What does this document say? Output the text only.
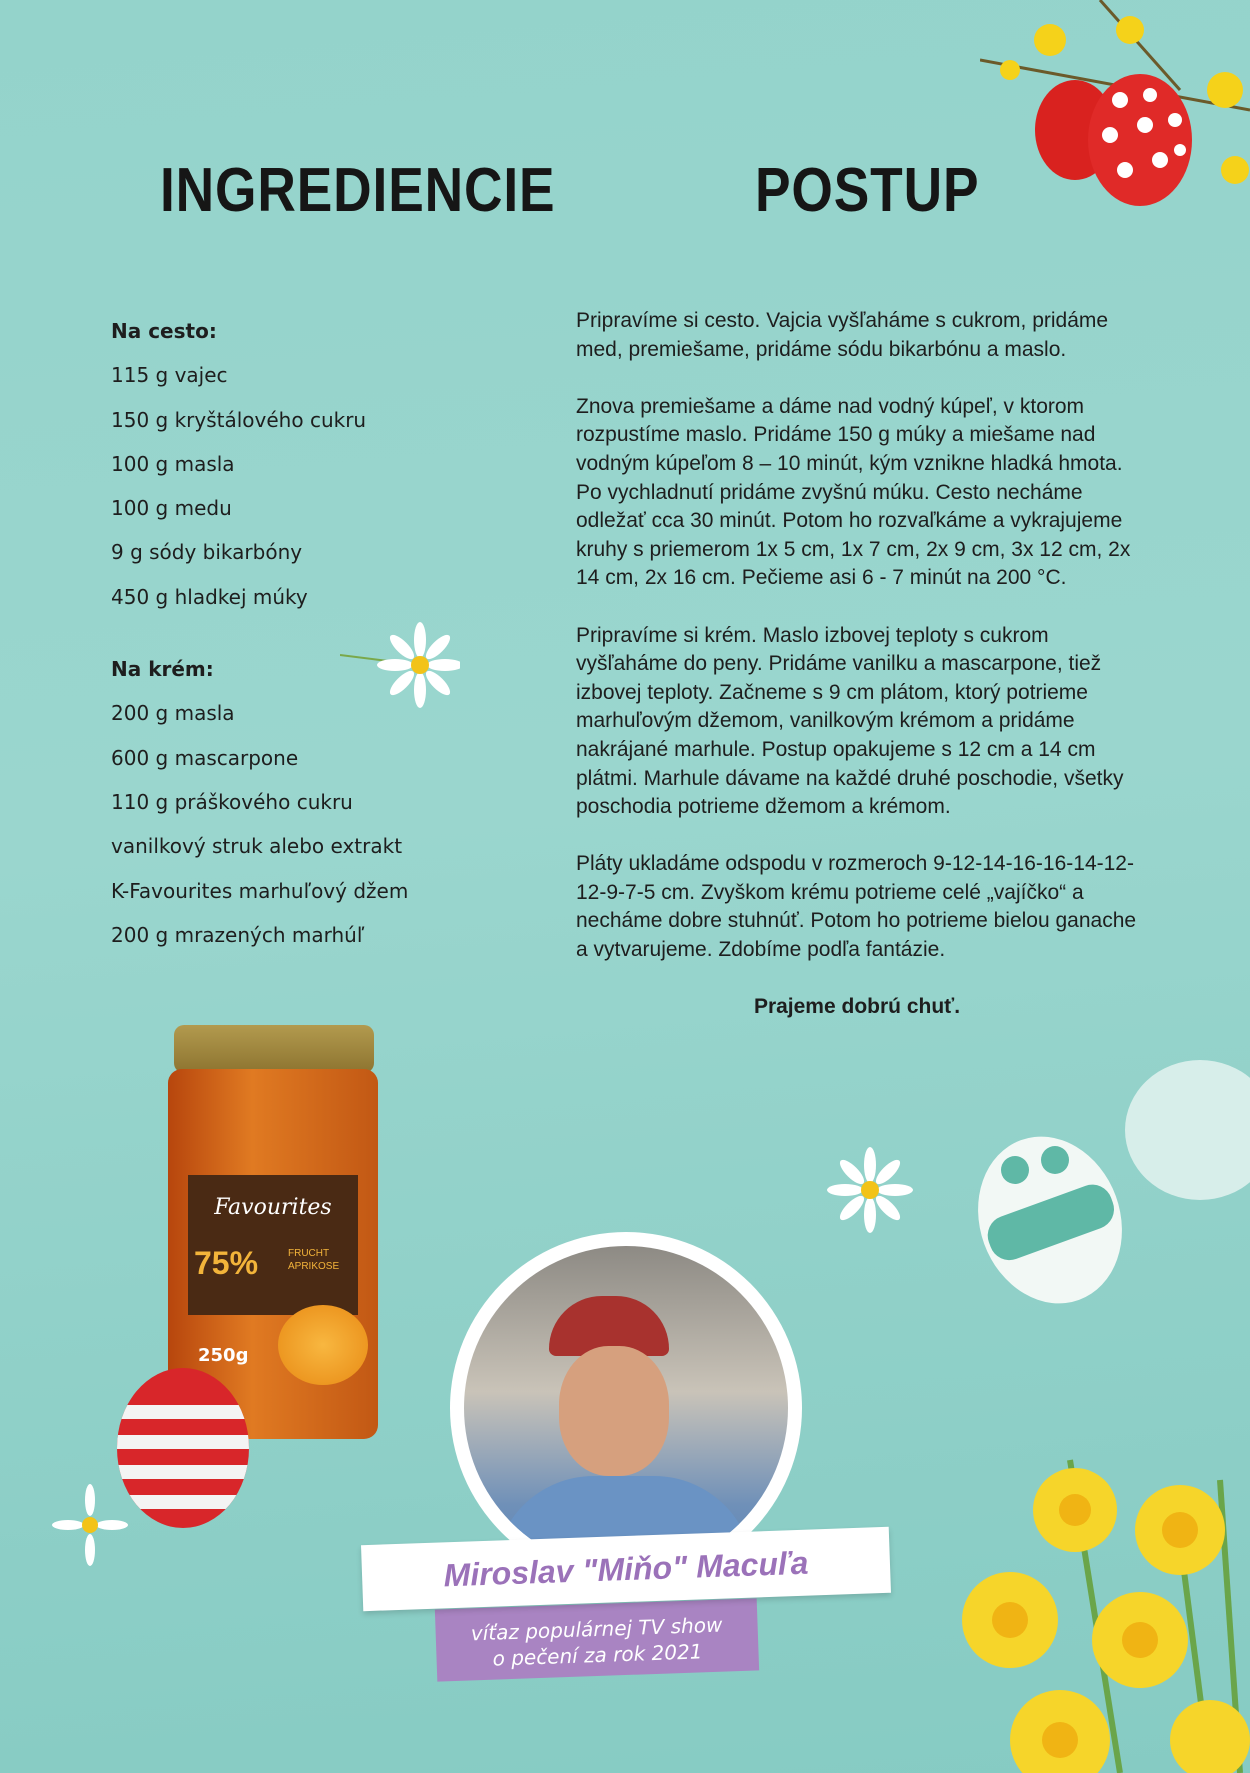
INGREDIENCIE	POSTUP
Na cesto:
115 g vajec
150 g kryštálového cukru
100 g masla
100 g medu
9 g sódy bikarbóny
450 g hladkej múky
Na krém:
200 g masla
600 g mascarpone
110 g práškového cukru
vanilkový struk alebo extrakt
K-Favourites marhuľový džem
200 g mrazených marhúľ

Pripravíme si cesto. Vajcia vyšľaháme s cukrom, pridáme med, premiešame, pridáme sódu bikarbónu a maslo.

Znova premiešame a dáme nad vodný kúpeľ, v ktorom rozpustíme maslo. Pridáme 150 g múky a miešame nad vodným kúpeľom 8 – 10 minút, kým vznikne hladká hmota. Po vychladnutí pridáme zvyšnú múku. Cesto necháme odležať cca 30 minút. Potom ho rozvaľkáme a vykrajujeme kruhy s priemerom 1x 5 cm, 1x 7 cm, 2x 9 cm, 3x 12 cm, 2x 14 cm, 2x 16 cm. Pečieme asi 6 - 7 minút na 200 °C.

Pripravíme si krém. Maslo izbovej teploty s cukrom vyšľaháme do peny. Pridáme vanilku a mascarpone, tiež izbovej teploty. Začneme s 9 cm plátom, ktorý potrieme marhuľovým džemom, vanilkovým krémom a pridáme nakrájané marhule. Postup opakujeme s 12 cm a 14 cm plátmi. Marhule dávame na každé druhé poschodie, všetky poschodia potrieme džemom a krémom.

Pláty ukladáme odspodu v rozmeroch 9-12-14-16-16-14-12-12-9-7-5 cm. Zvyškom krému potrieme celé „vajíčko“ a necháme dobre stuhnúť. Potom ho potrieme bielou ganache a vytvarujeme. Zdobíme podľa fantázie.

Prajeme dobrú chuť.
Favourites
75%	FRUCHT
APRIKOSE
250g
Miroslav "Miňo" Macuľa
víťaz populárnej TV show
o pečení za rok 2021
